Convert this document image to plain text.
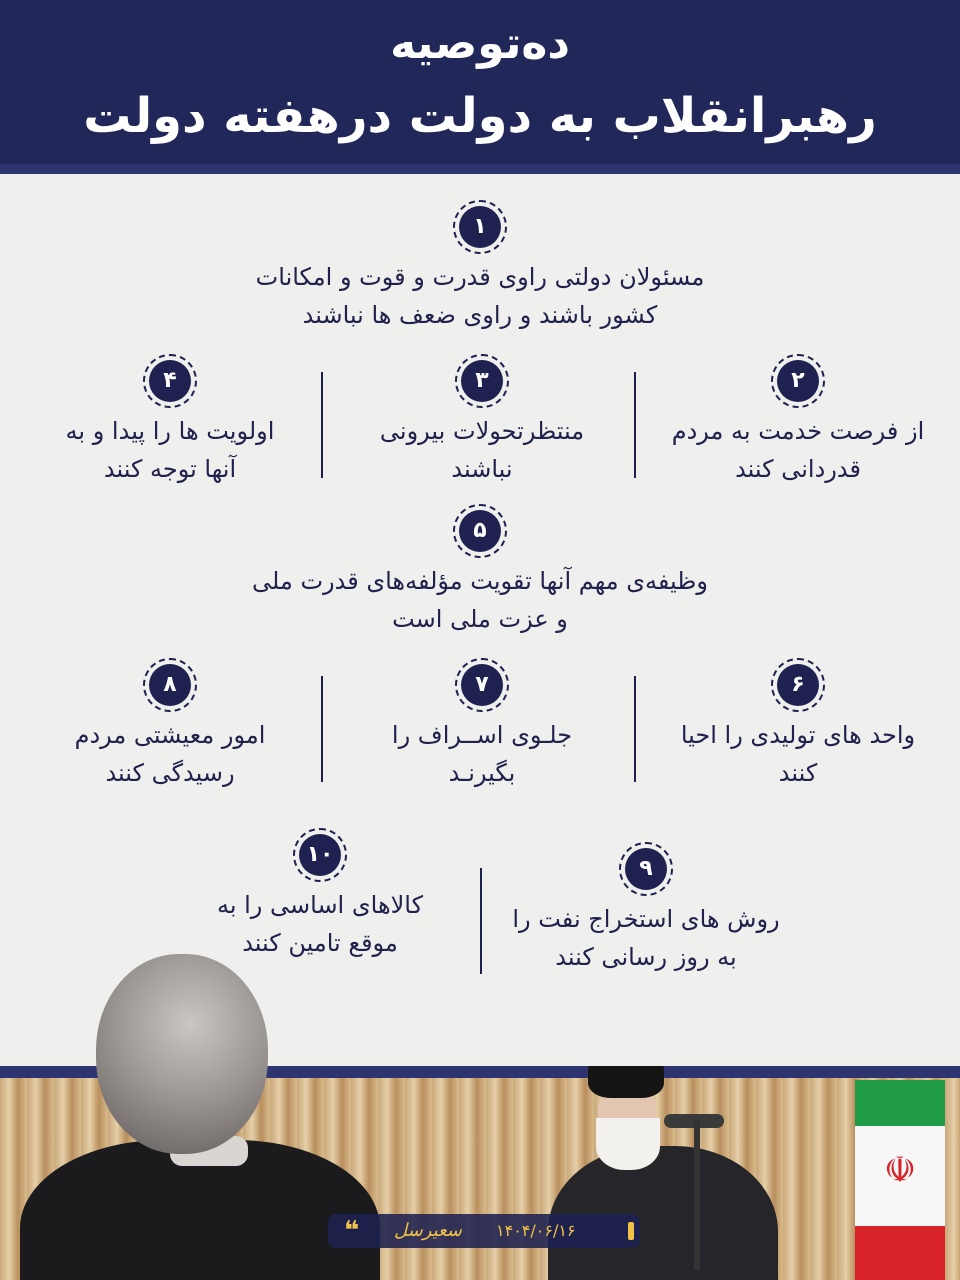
ده‌توصیه
رهبرانقلاب به دولت درهفته دولت
۱
مسئولان دولتی راوی قدرت و قوت و امکانات
کشور باشند و راوی ضعف ها نباشند
۲
از فرصت خدمت به مردم
قدردانی کنند
۳
منتظرتحولات بیرونی
نباشند
۴
اولویت ها را پیدا و به
آنها توجه کنند
۵
وظیفه‌ی مهم آنها تقویت مؤلفه‌های قدرت ملی
و عزت ملی است
۶
واحد های تولیدی را احیا
کنند
۷
جلـوی اســراف را
بگیرنـد
۸
امور معیشتی مردم
رسیدگی کنند
۹
روش های استخراج نفت را
به روز رسانی کنند
۱۰
کالاهای اساسی را به
موقع تامین کنند
☫
❝ سعیرسل ۱۴۰۴/۰۶/۱۶
